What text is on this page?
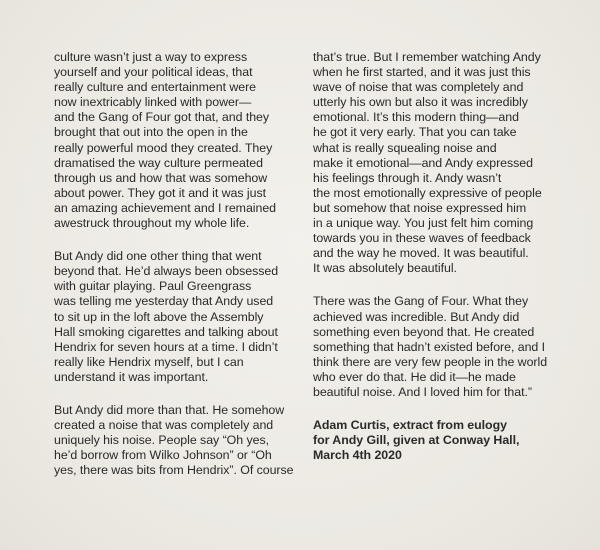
culture wasn’t just a way to express
yourself and your political ideas, that
really culture and entertainment were
now inextricably linked with power—
and the Gang of Four got that, and they
brought that out into the open in the
really powerful mood they created. They
dramatised the way culture permeated
through us and how that was somehow
about power. They got it and it was just
an amazing achievement and I remained
awestruck throughout my whole life.
But Andy did one other thing that went
beyond that. He’d always been obsessed
with guitar playing. Paul Greengrass
was telling me yesterday that Andy used
to sit up in the loft above the Assembly
Hall smoking cigarettes and talking about
Hendrix for seven hours at a time. I didn’t
really like Hendrix myself, but I can
understand it was important.
But Andy did more than that. He somehow
created a noise that was completely and
uniquely his noise. People say “Oh yes,
he’d borrow from Wilko Johnson” or “Oh
yes, there was bits from Hendrix”. Of course
that’s true. But I remember watching Andy
when he first started, and it was just this
wave of noise that was completely and
utterly his own but also it was incredibly
emotional. It’s this modern thing—and
he got it very early. That you can take
what is really squealing noise and
make it emotional—and Andy expressed
his feelings through it. Andy wasn’t
the most emotionally expressive of people
but somehow that noise expressed him
in a unique way. You just felt him coming
towards you in these waves of feedback
and the way he moved. It was beautiful.
It was absolutely beautiful.
There was the Gang of Four. What they
achieved was incredible. But Andy did
something even beyond that. He created
something that hadn’t existed before, and I
think there are very few people in the world
who ever do that. He did it—he made
beautiful noise. And I loved him for that.”
Adam Curtis, extract from eulogy
for Andy Gill, given at Conway Hall,
March 4th 2020
